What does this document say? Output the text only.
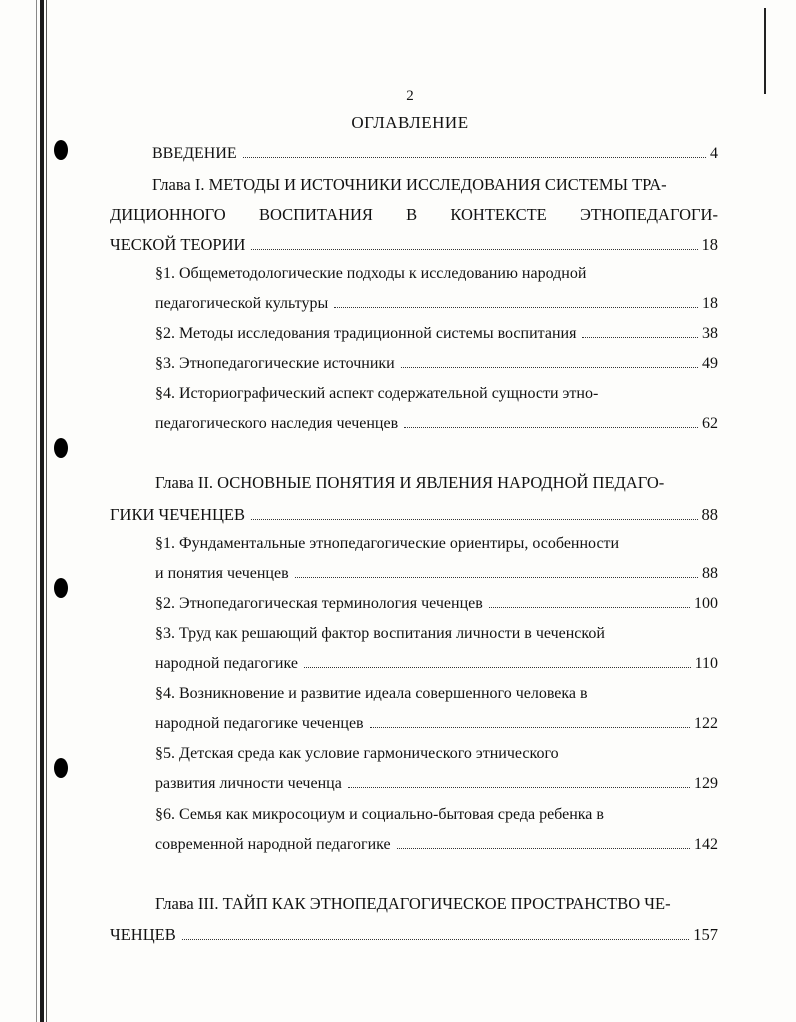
2
ОГЛАВЛЕНИЕ
ВВЕДЕНИЕ	4
Глава I. МЕТОДЫ И ИСТОЧНИКИ ИССЛЕДОВАНИЯ СИСТЕМЫ ТРА-
ДИЦИОННОГО ВОСПИТАНИЯ В КОНТЕКСТЕ ЭТНОПЕДАГОГИ-
ЧЕСКОЙ ТЕОРИИ	18
§1. Общеметодологические подходы к исследованию народной
педагогической культуры	18
§2. Методы исследования традиционной системы воспитания	38
§3. Этнопедагогические источники	49
§4. Историографический аспект содержательной сущности этно-
педагогического наследия чеченцев	62
Глава II. ОСНОВНЫЕ ПОНЯТИЯ И ЯВЛЕНИЯ НАРОДНОЙ ПЕДАГО-
ГИКИ ЧЕЧЕНЦЕВ	88
§1. Фундаментальные этнопедагогические ориентиры, особенности
и понятия чеченцев	88
§2. Этнопедагогическая терминология чеченцев	100
§3. Труд как решающий фактор воспитания личности в чеченской
народной педагогике	110
§4. Возникновение и развитие идеала совершенного человека в
народной педагогике чеченцев	122
§5. Детская среда как условие гармонического этнического
развития личности чеченца	129
§6. Семья как микросоциум и социально-бытовая среда ребенка в
современной народной педагогике	142
Глава III. ТАЙП КАК ЭТНОПЕДАГОГИЧЕСКОЕ ПРОСТРАНСТВО ЧЕ-
ЧЕНЦЕВ	157
